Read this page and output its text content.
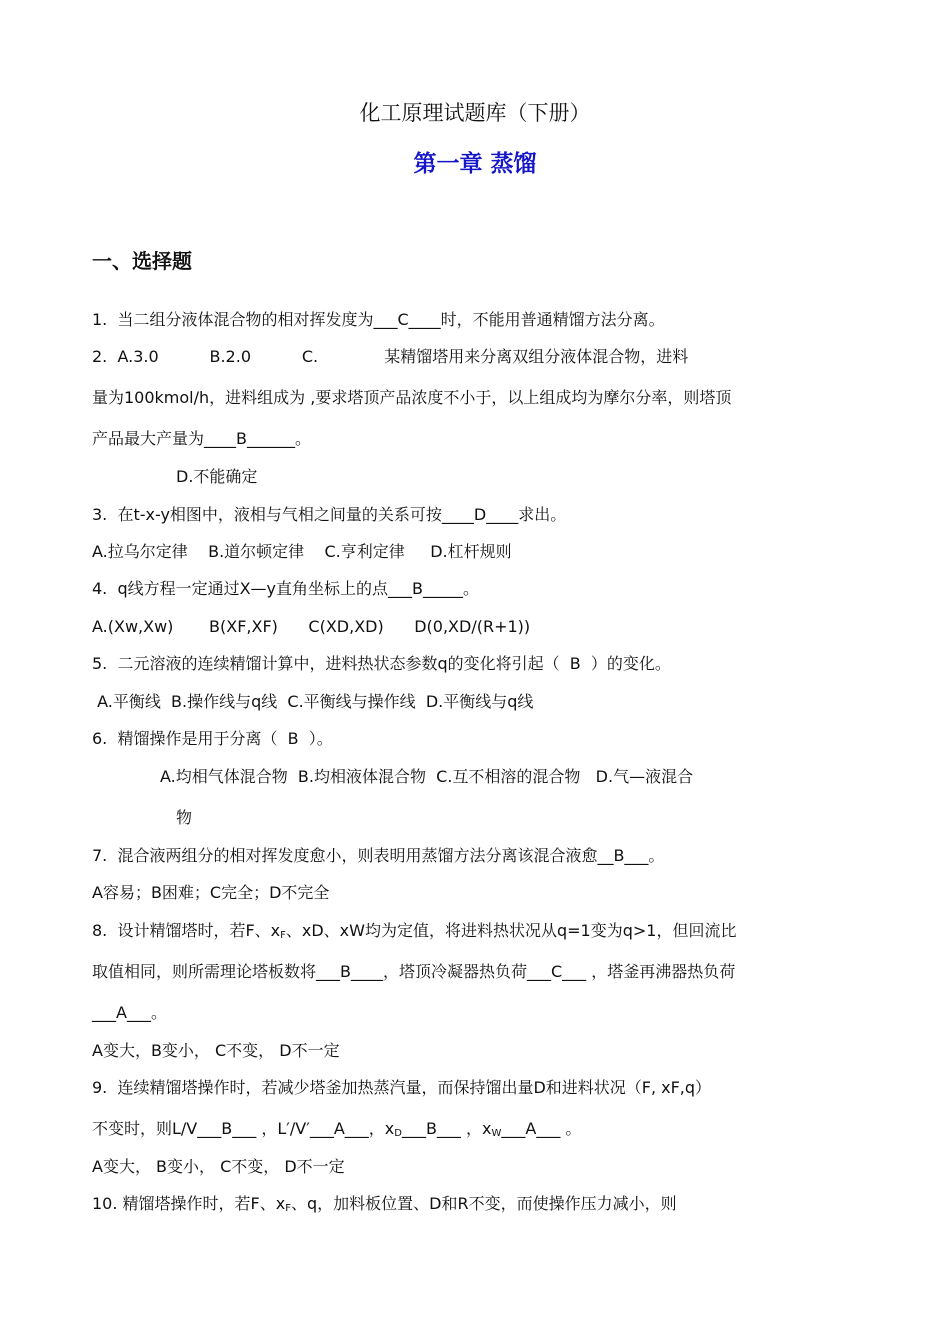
化工原理试题库（下册）
第一章 蒸馏
一、选择题
1.  当二组分液体混合物的相对挥发度为___C____时，不能用普通精馏方法分离。
2.  A.3.0          B.2.0          C.             某精馏塔用来分离双组分液体混合物，进料
量为100kmol/h，进料组成为 ,要求塔顶产品浓度不小于，以上组成均为摩尔分率，则塔顶
产品最大产量为____B______。
D.不能确定
3.  在t-x-y相图中，液相与气相之间量的关系可按____D____求出。
A.拉乌尔定律    B.道尔顿定律    C.亨利定律     D.杠杆规则
4.  q线方程一定通过X—y直角坐标上的点___B_____。
A.(Xw,Xw)       B(XF,XF)      C(XD,XD)      D(0,XD/(R+1))
5.  二元溶液的连续精馏计算中，进料热状态参数q的变化将引起（  B  ）的变化。
A.平衡线  B.操作线与q线  C.平衡线与操作线  D.平衡线与q线
6.  精馏操作是用于分离（  B  ）。
A.均相气体混合物  B.均相液体混合物  C.互不相溶的混合物   D.气—液混合
物
7.  混合液两组分的相对挥发度愈小，则表明用蒸馏方法分离该混合液愈__B___。
A容易；B困难；C完全；D不完全
8.  设计精馏塔时，若F、$x_F$、xD、xW均为定值，将进料热状况从q=1变为q>1，但回流比
取值相同，则所需理论塔板数将___B____，塔顶冷凝器热负荷___C___ ，塔釜再沸器热负荷
___A___。
A变大，B变小， C不变， D不一定
9.  连续精馏塔操作时，若减少塔釜加热蒸汽量，而保持馏出量D和进料状况（F, xF,q）
不变时，则L/V___B___ ，L′/V′___A___，$x_D\_\_\_B\_\_\_$ ，$x_W\_\_\_A\_\_\_$ 。
A变大， B变小， C不变， D不一定
10. 精馏塔操作时，若F、$x_F$、q，加料板位置、D和R不变，而使操作压力减小，则
